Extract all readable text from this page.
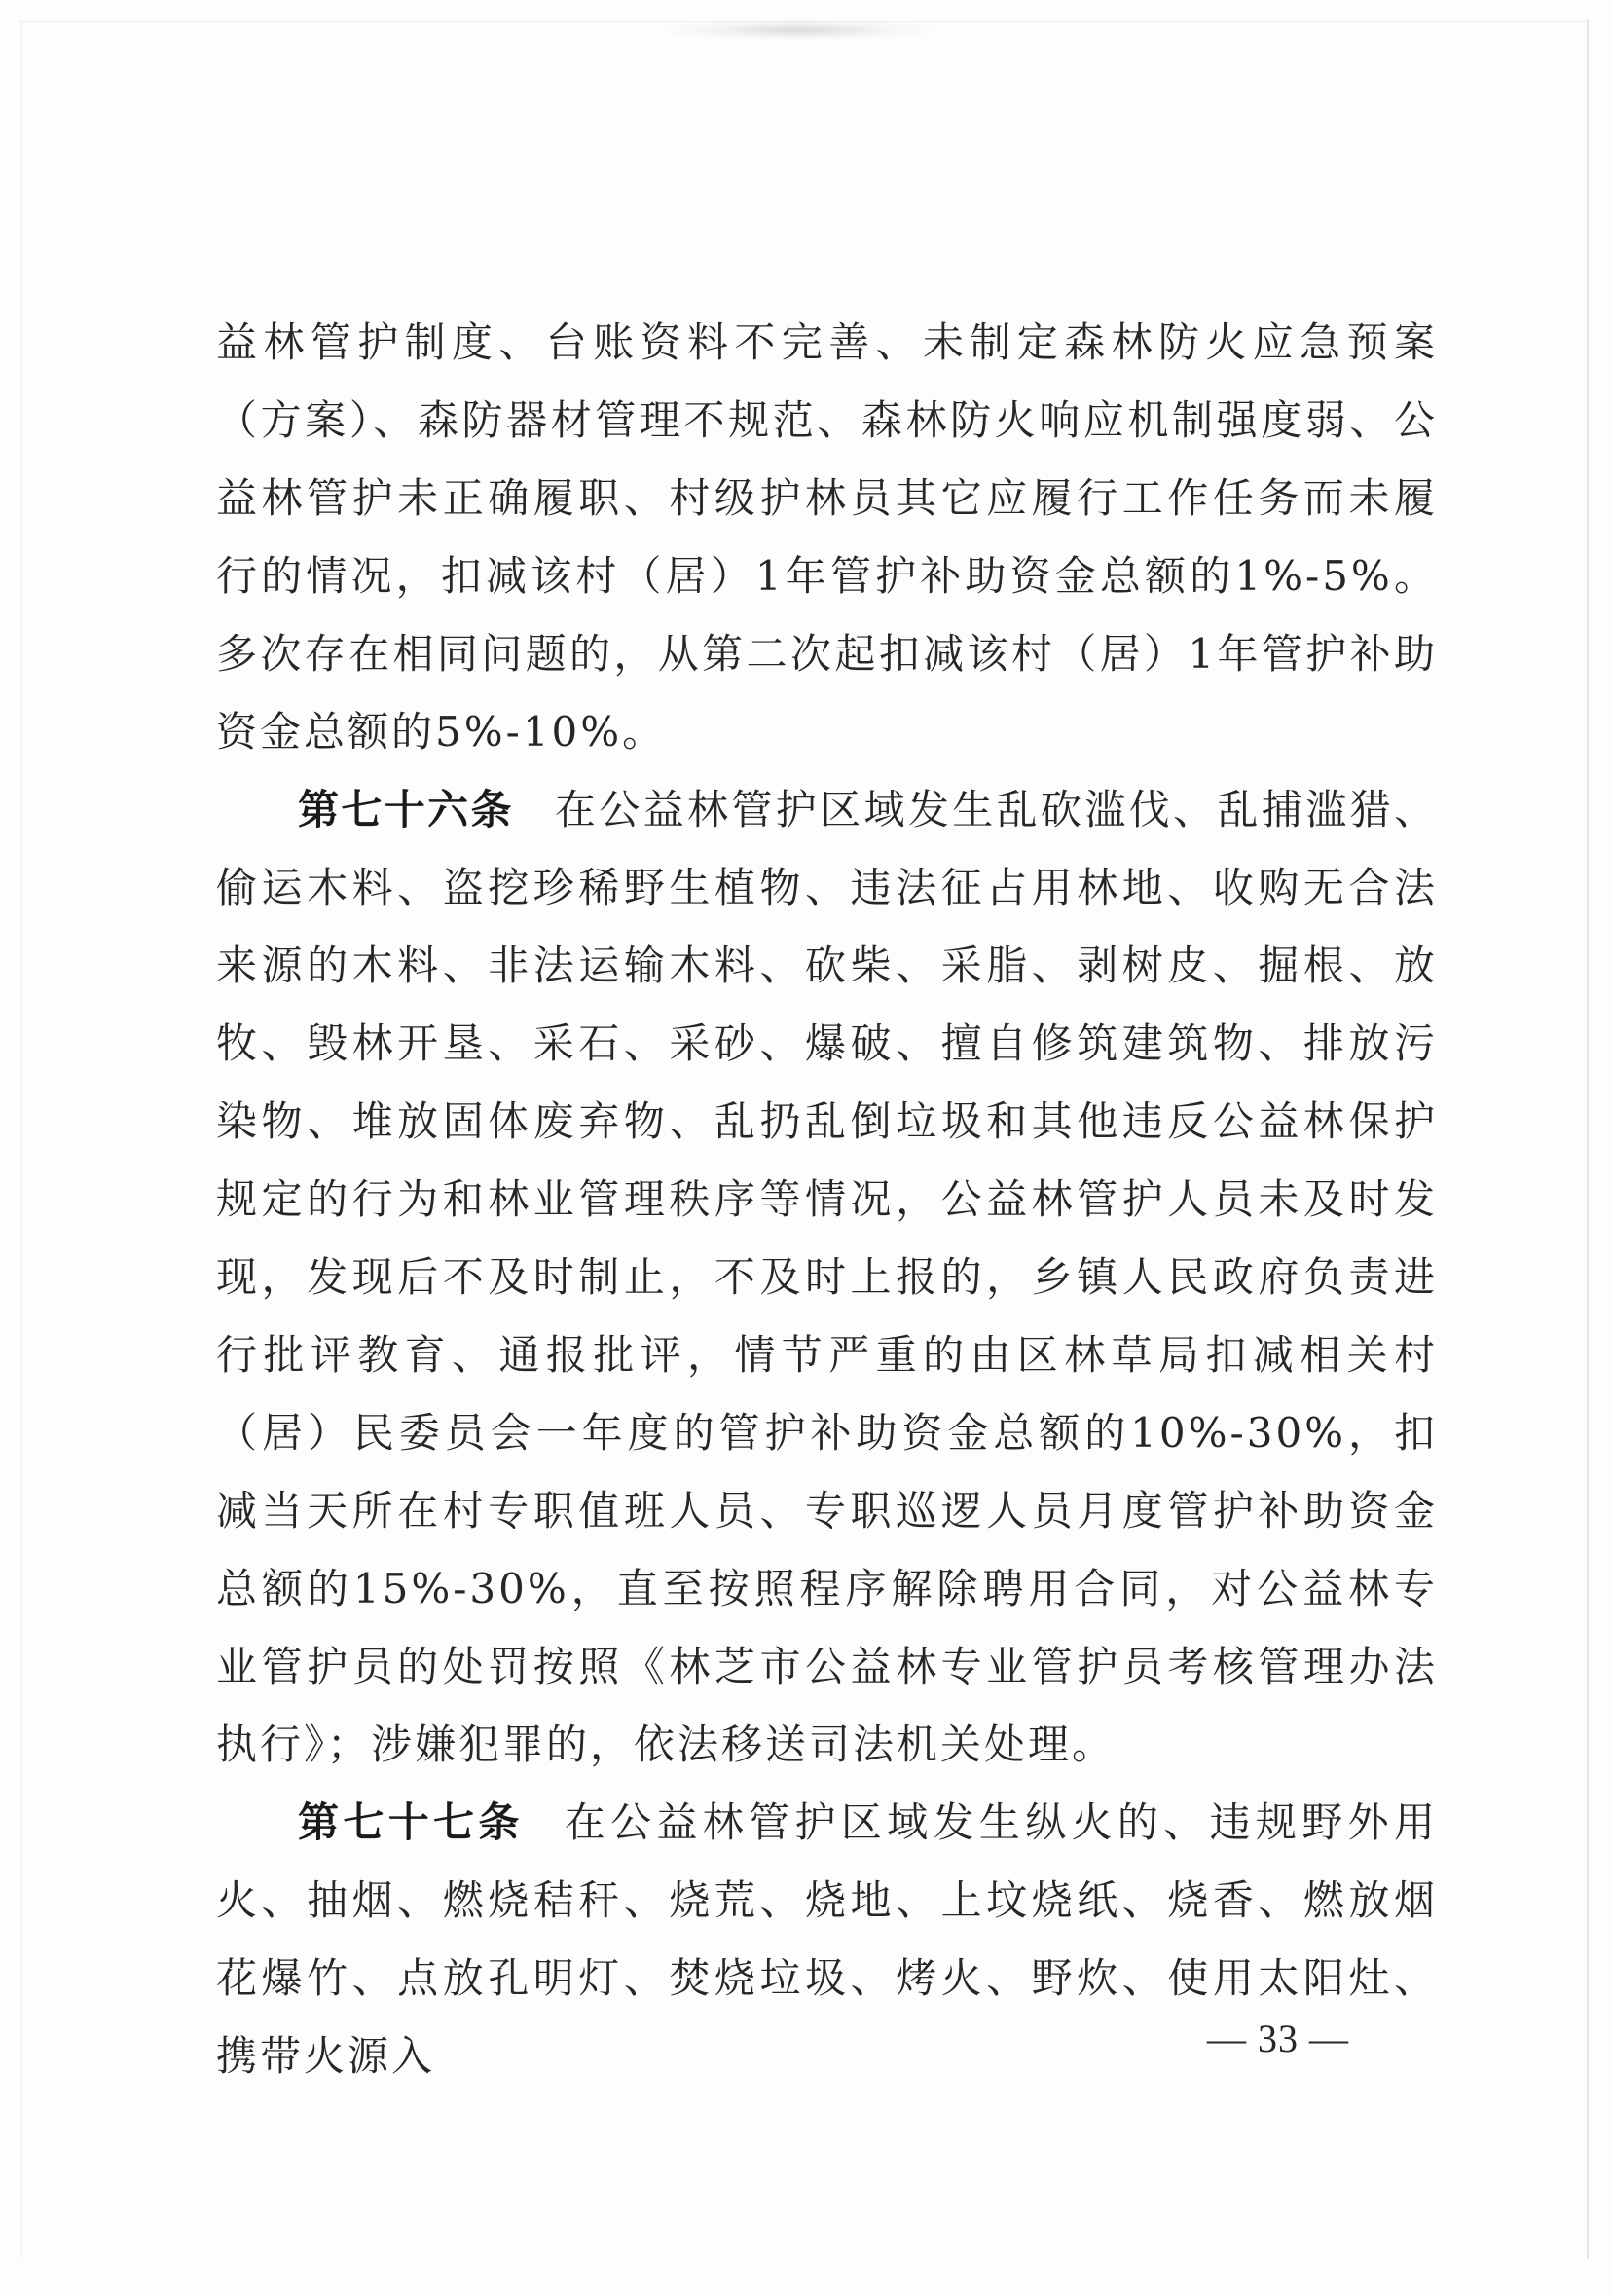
益林管护制度、台账资料不完善、未制定森林防火应急预案（方案）、森防器材管理不规范、森林防火响应机制强度弱、公益林管护未正确履职、村级护林员其它应履行工作任务而未履行的情况，扣减该村（居）1年管护补助资金总额的1%-5%。多次存在相同问题的，从第二次起扣减该村（居）1年管护补助资金总额的5%-10%。

第七十六条 在公益林管护区域发生乱砍滥伐、乱捕滥猎、偷运木料、盗挖珍稀野生植物、违法征占用林地、收购无合法来源的木料、非法运输木料、砍柴、采脂、剥树皮、掘根、放牧、毁林开垦、采石、采砂、爆破、擅自修筑建筑物、排放污染物、堆放固体废弃物、乱扔乱倒垃圾和其他违反公益林保护规定的行为和林业管理秩序等情况，公益林管护人员未及时发现，发现后不及时制止，不及时上报的，乡镇人民政府负责进行批评教育、通报批评，情节严重的由区林草局扣减相关村（居）民委员会一年度的管护补助资金总额的10%-30%，扣减当天所在村专职值班人员、专职巡逻人员月度管护补助资金总额的15%-30%，直至按照程序解除聘用合同，对公益林专业管护员的处罚按照《林芝市公益林专业管护员考核管理办法执行》；涉嫌犯罪的，依法移送司法机关处理。

第七十七条 在公益林管护区域发生纵火的、违规野外用火、抽烟、燃烧秸秆、烧荒、烧地、上坟烧纸、烧香、燃放烟花爆竹、点放孔明灯、焚烧垃圾、烤火、野炊、使用太阳灶、携带火源入	— 33 —
